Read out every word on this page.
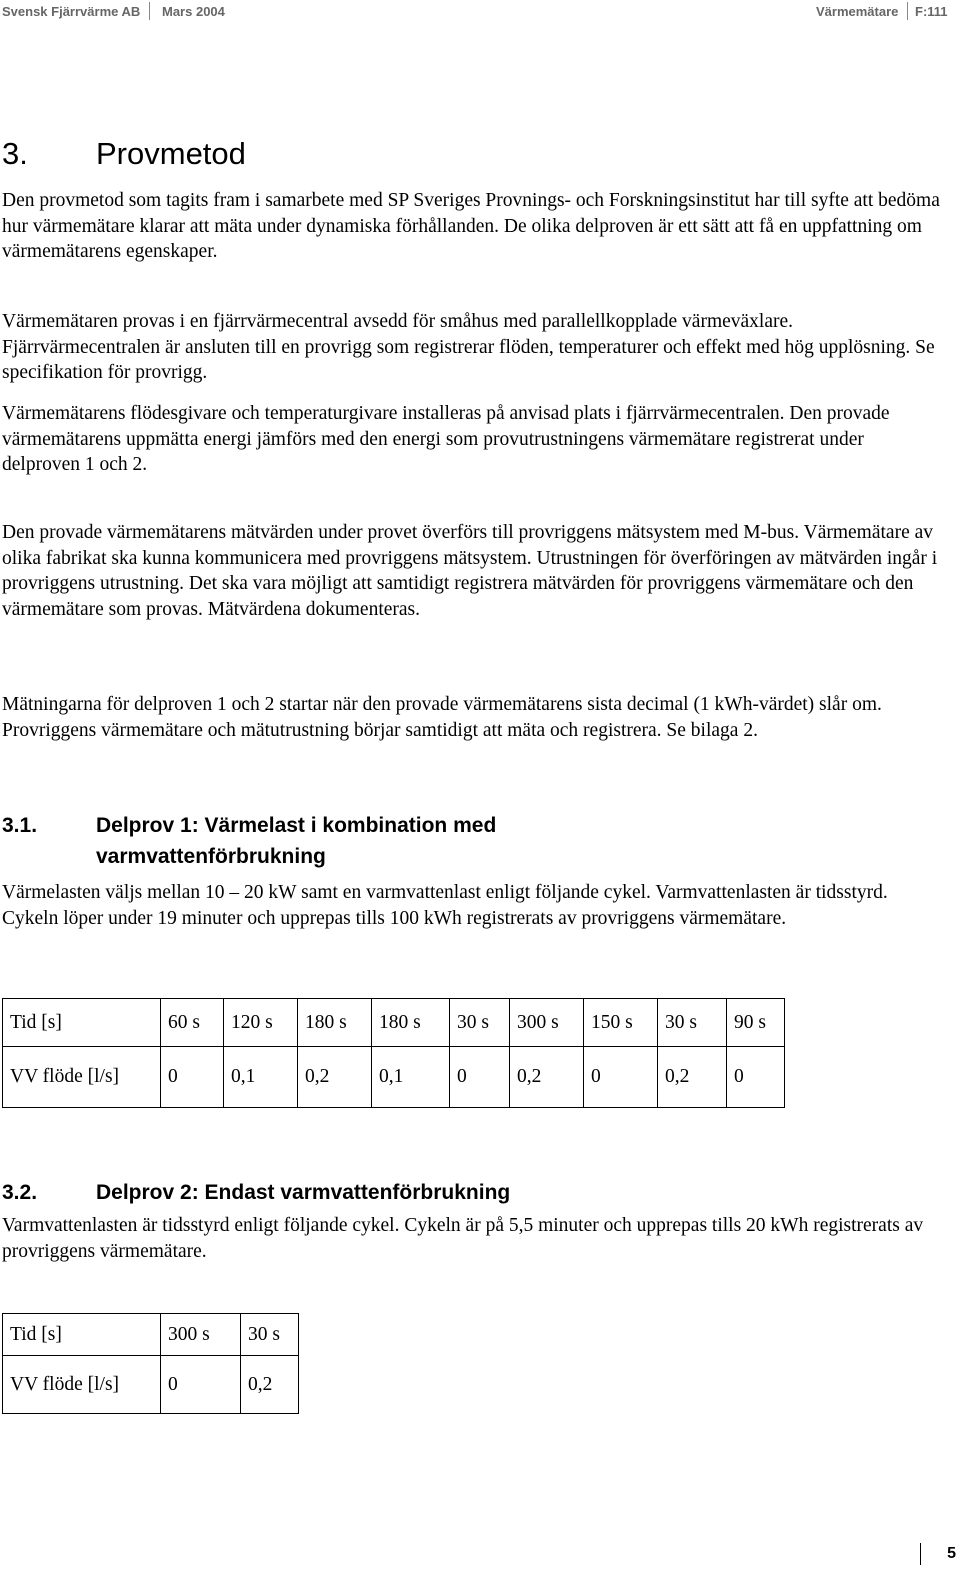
Svensk Fjärrvärme AB Mars 2004	Värmemätare F:111
3. Provmetod

Den provmetod som tagits fram i samarbete med SP Sveriges Provnings- och Forskningsinstitut har till syfte att bedöma hur värmemätare klarar att mäta under dynamiska förhållanden. De olika delproven är ett sätt att få en uppfattning om värmemätarens egenskaper.

Värmemätaren provas i en fjärrvärmecentral avsedd för småhus med parallellkopplade värmeväxlare. Fjärrvärmecentralen är ansluten till en provrigg som registrerar flöden, temperaturer och effekt med hög upplösning. Se specifikation för provrigg.

Värmemätarens flödesgivare och temperaturgivare installeras på anvisad plats i fjärrvärmecentralen. Den provade värmemätarens uppmätta energi jämförs med den energi som provutrustningens värmemätare registrerat under delproven 1 och 2.

Den provade värmemätarens mätvärden under provet överförs till provriggens mätsystem med M-bus. Värmemätare av olika fabrikat ska kunna kommunicera med provriggens mätsystem. Utrustningen för överföringen av mätvärden ingår i provriggens utrustning. Det ska vara möjligt att samtidigt registrera mätvärden för provriggens värmemätare och den värmemätare som provas. Mätvärdena dokumenteras.

Mätningarna för delproven 1 och 2 startar när den provade värmemätarens sista decimal (1 kWh-värdet) slår om. Provriggens värmemätare och mätutrustning börjar samtidigt att mäta och registrera. Se bilaga 2.

3.1.	Delprov 1: Värmelast i kombination med varmvattenförbrukning

Värmelasten väljs mellan 10 – 20 kW samt en varmvattenlast enligt följande cykel. Varmvattenlasten är tidsstyrd. Cykeln löper under 19 minuter och upprepas tills 100 kWh registrerats av provriggens värmemätare.

Tid [s]	60 s	120 s	180 s	180 s	30 s	300 s	150 s	30 s	90 s
VV flöde [l/s]	0	0,1	0,2	0,1	0	0,2	0	0,2	0
3.2.	Delprov 2: Endast varmvattenförbrukning

Varmvattenlasten är tidsstyrd enligt följande cykel. Cykeln är på 5,5 minuter och upprepas tills 20 kWh registrerats av provriggens värmemätare.

Tid [s]	300 s	30 s
VV flöde [l/s]	0	0,2
5
